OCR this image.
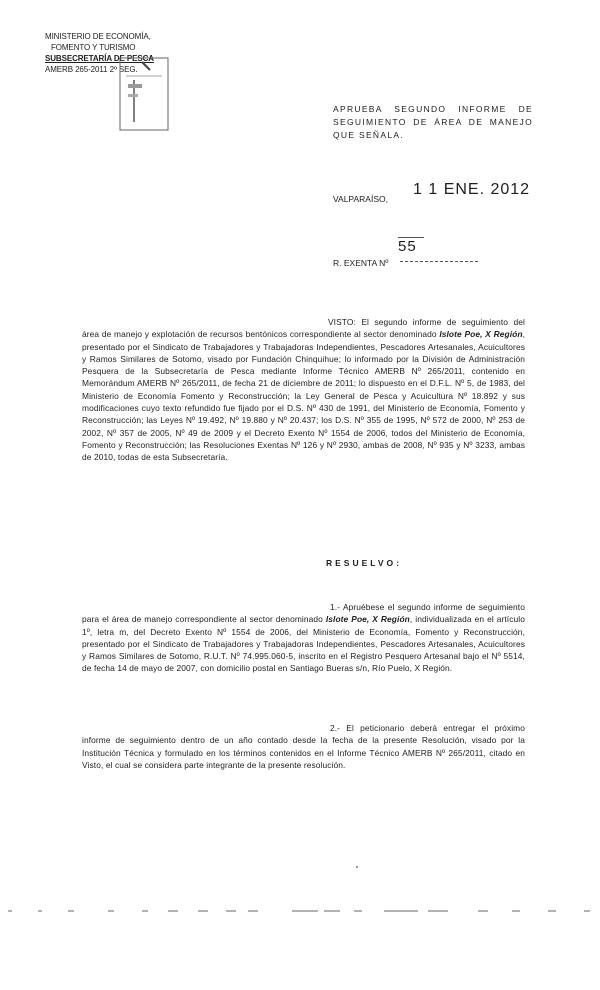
MINISTERIO DE ECONOMÍA,
FOMENTO Y TURISMO
SUBSECRETARÍA DE PESCA
AMERB 265-2011 2º SEG.
APRUEBA SEGUNDO INFORME DE SEGUIMIENTO DE ÁREA DE MANEJO QUE SEÑALA.
VALPARAÍSO,
1 1 ENE. 2012
55
R. EXENTA Nº
VISTO: El segundo informe de seguimiento del área de manejo y explotación de recursos bentónicos correspondiente al sector denominado Islote Poe, X Región, presentado por el Sindicato de Trabajadores y Trabajadoras Independientes, Pescadores Artesanales, Acuicultores y Ramos Similares de Sotomo, visado por Fundación Chinquihue; lo informado por la División de Administración Pesquera de la Subsecretaría de Pesca mediante Informe Técnico AMERB Nº 265/2011, contenido en Memorándum AMERB Nº 265/2011, de fecha 21 de diciembre de 2011; lo dispuesto en el D.F.L. Nº 5, de 1983, del Ministerio de Economía Fomento y Reconstrucción; la Ley General de Pesca y Acuicultura Nº 18.892 y sus modificaciones cuyo texto refundido fue fijado por el D.S. Nº 430 de 1991, del Ministerio de Economía, Fomento y Reconstrucción; las Leyes Nº 19.492, Nº 19.880 y Nº 20.437; los D.S. Nº 355 de 1995, Nº 572 de 2000, Nº 253 de 2002, Nº 357 de 2005, Nº 49 de 2009 y el Decreto Exento Nº 1554 de 2006, todos del Ministerio de Economía, Fomento y Reconstrucción; las Resoluciones Exentas Nº 126 y Nº 2930, ambas de 2008, Nº 935 y Nº 3233, ambas de 2010, todas de esta Subsecretaría.
RESUELVO:
1.- Apruébese el segundo informe de seguimiento para el área de manejo correspondiente al sector denominado Islote Poe, X Región, individualizada en el artículo 1º, letra m, del Decreto Exento Nº 1554 de 2006, del Ministerio de Economía, Fomento y Reconstrucción, presentado por el Sindicato de Trabajadores y Trabajadoras Independientes, Pescadores Artesanales, Acuicultores y Ramos Similares de Sotomo, R.U.T. Nº 74.995.060-5, inscrito en el Registro Pesquero Artesanal bajo el Nº 5514, de fecha 14 de mayo de 2007, con domicilio postal en Santiago Bueras s/n, Río Puelo, X Región.
2.- El peticionario deberá entregar el próximo informe de seguimiento dentro de un año contado desde la fecha de la presente Resolución, visado por la Institución Técnica y formulado en los términos contenidos en el Informe Técnico AMERB Nº 265/2011, citado en Visto, el cual se considera parte integrante de la presente resolución.
